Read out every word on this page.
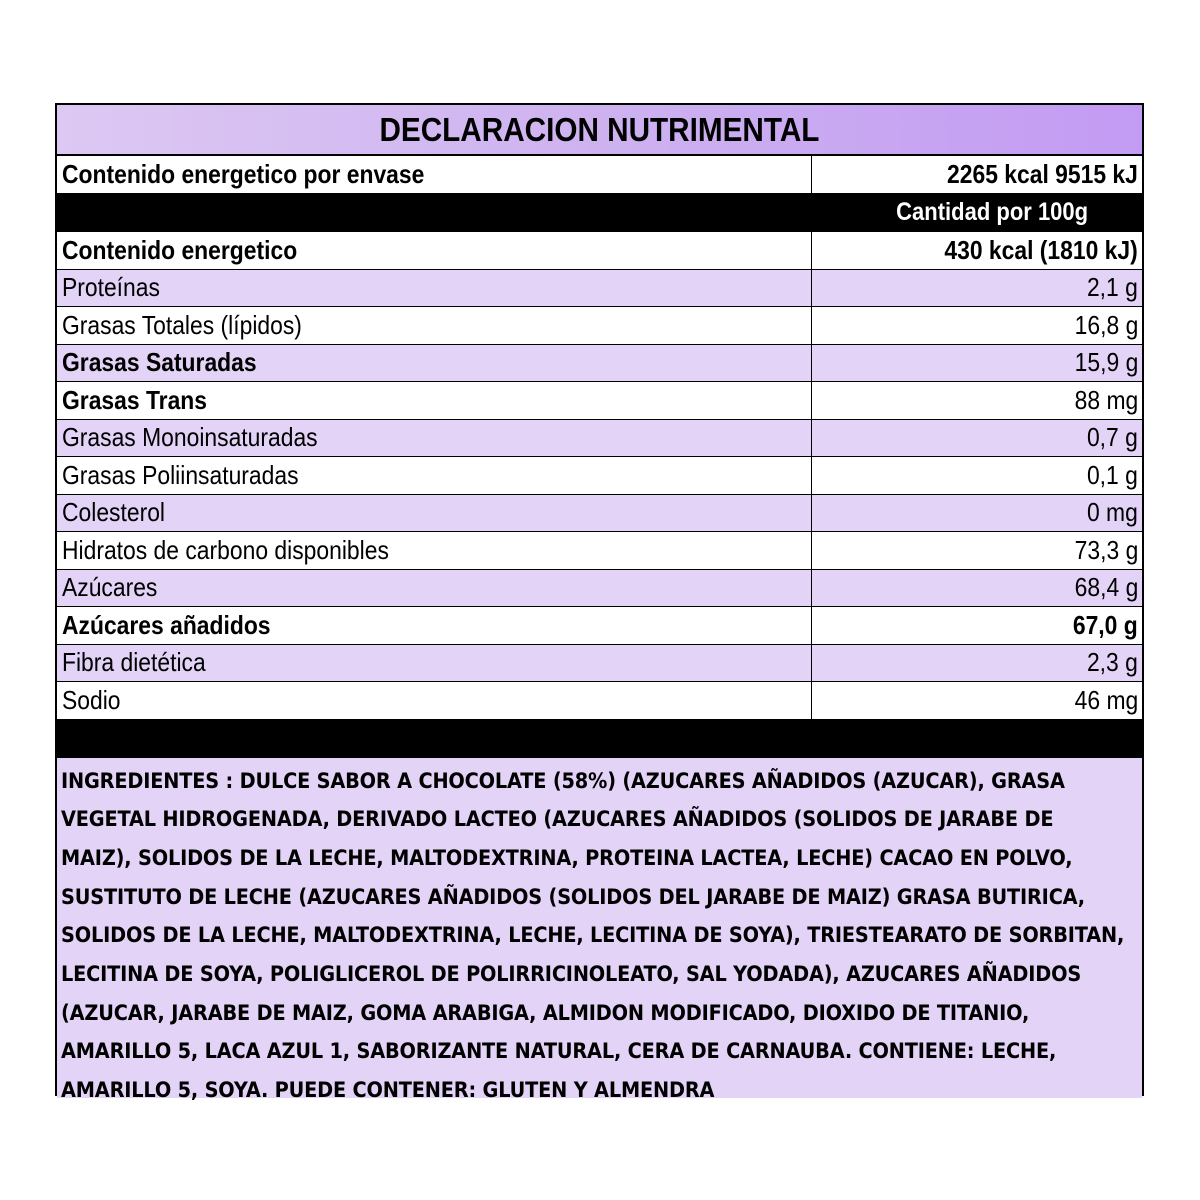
DECLARACION NUTRIMENTAL
Contenido energetico por envase	2265 kcal 9515 kJ
Cantidad por 100g
Contenido energetico	430 kcal (1810 kJ)
Proteínas	2,1 g
Grasas Totales (lípidos)	16,8 g
Grasas Saturadas	15,9 g
Grasas Trans	88 mg
Grasas Monoinsaturadas	0,7 g
Grasas Poliinsaturadas	0,1 g
Colesterol	0 mg
Hidratos de carbono disponibles	73,3 g
Azúcares	68,4 g
Azúcares añadidos	67,0 g
Fibra dietética	2,3 g
Sodio	46 mg
INGREDIENTES : DULCE SABOR A CHOCOLATE (58%) (AZUCARES AÑADIDOS (AZUCAR), GRASA
VEGETAL HIDROGENADA, DERIVADO LACTEO (AZUCARES AÑADIDOS (SOLIDOS DE JARABE DE
MAIZ), SOLIDOS DE LA LECHE, MALTODEXTRINA, PROTEINA LACTEA, LECHE) CACAO EN POLVO,
SUSTITUTO DE LECHE (AZUCARES AÑADIDOS (SOLIDOS DEL JARABE DE MAIZ) GRASA BUTIRICA,
SOLIDOS DE LA LECHE, MALTODEXTRINA, LECHE, LECITINA DE SOYA), TRIESTEARATO DE SORBITAN,
LECITINA DE SOYA, POLIGLICEROL DE POLIRRICINOLEATO, SAL YODADA), AZUCARES AÑADIDOS
(AZUCAR, JARABE DE MAIZ, GOMA ARABIGA, ALMIDON MODIFICADO, DIOXIDO DE TITANIO,
AMARILLO 5, LACA AZUL 1, SABORIZANTE NATURAL, CERA DE CARNAUBA. CONTIENE: LECHE,
AMARILLO 5, SOYA. PUEDE CONTENER: GLUTEN Y ALMENDRA
